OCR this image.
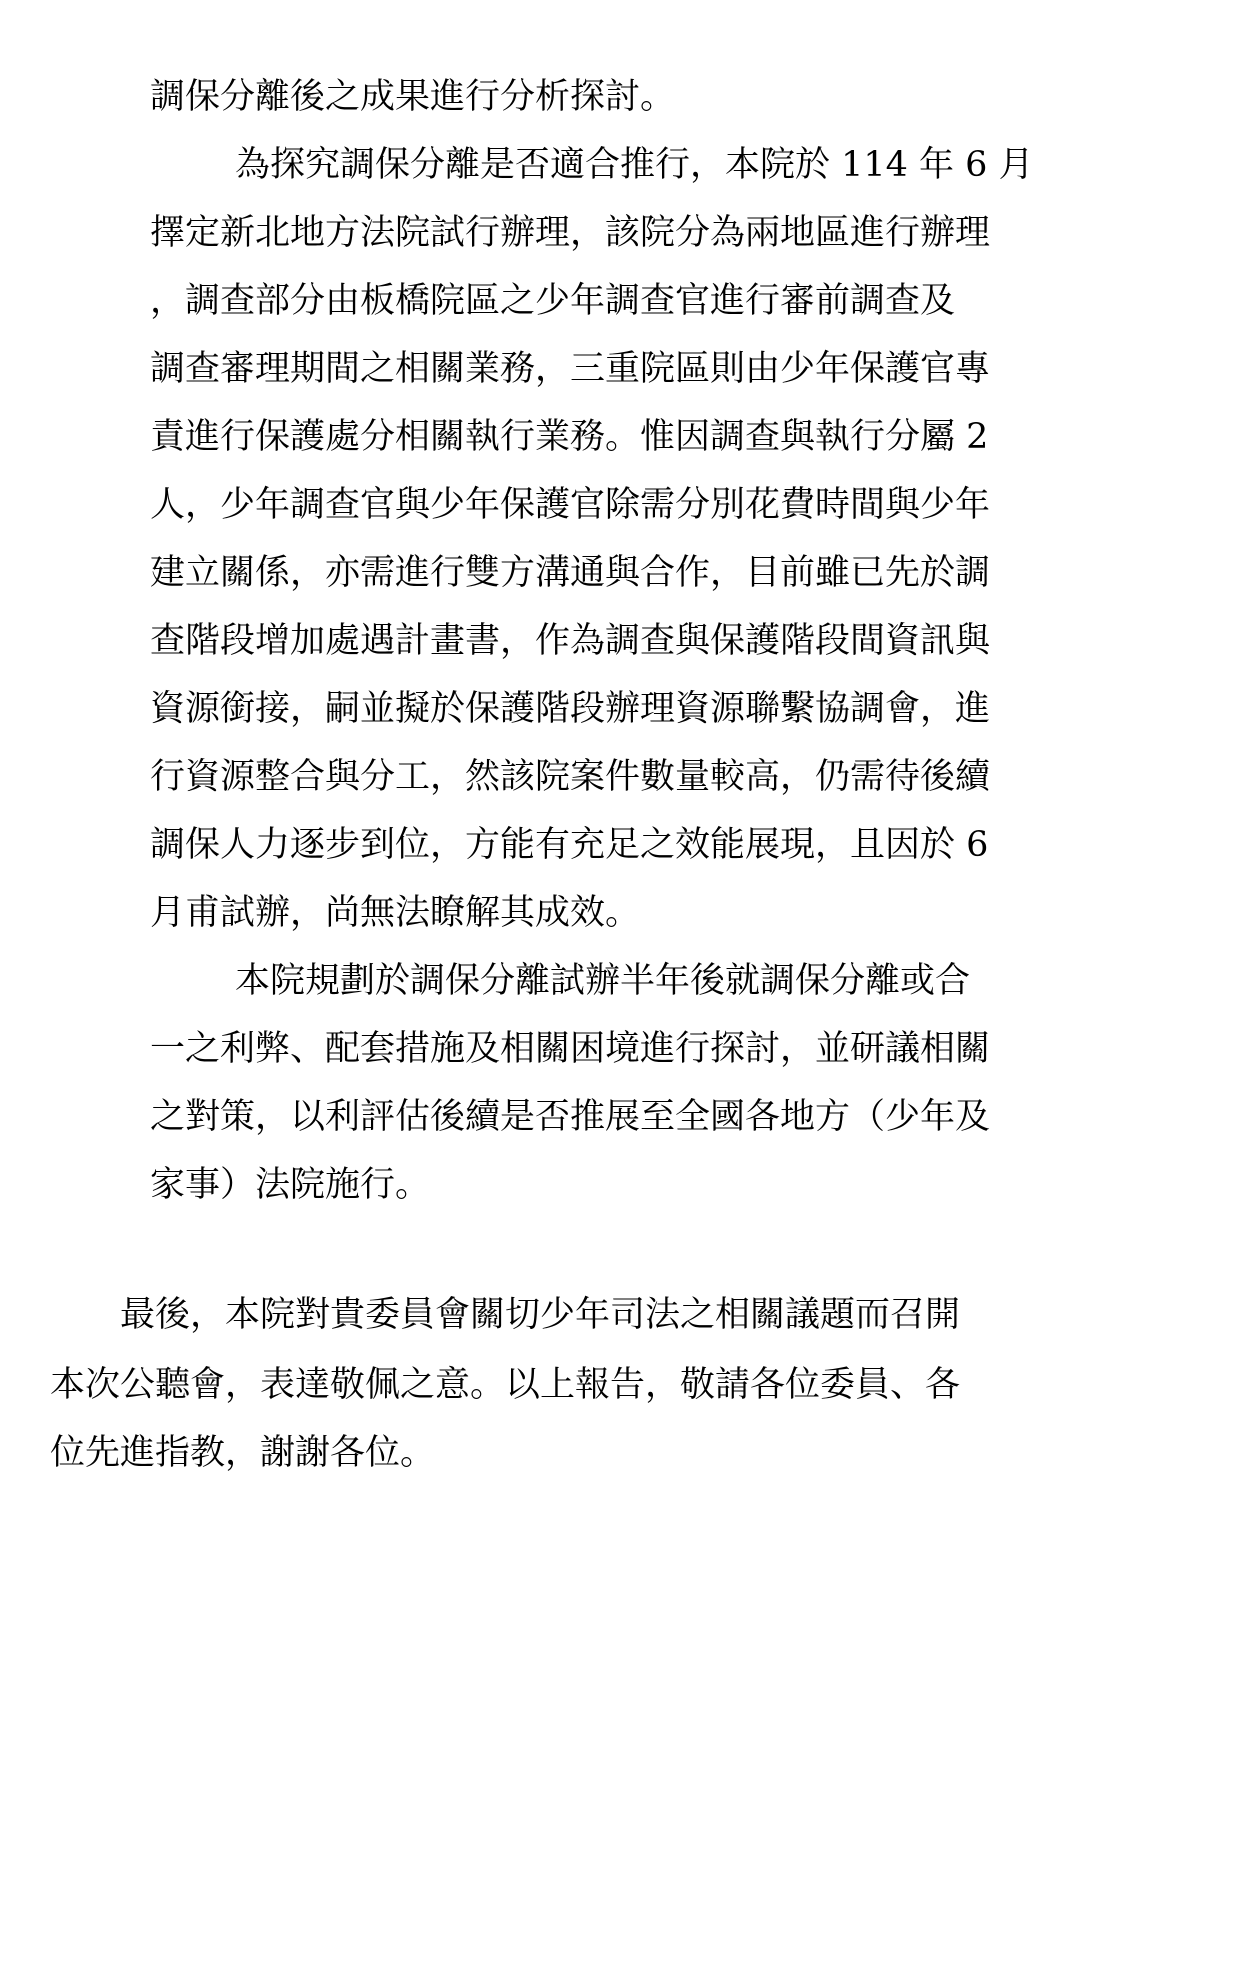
調保分離後之成果進行分析探討。

為探究調保分離是否適合推行，本院於 114 年 6 月

擇定新北地方法院試行辦理，該院分為兩地區進行辦理

，調查部分由板橋院區之少年調查官進行審前調查及

調查審理期間之相關業務，三重院區則由少年保護官專

責進行保護處分相關執行業務。惟因調查與執行分屬 2

人，少年調查官與少年保護官除需分別花費時間與少年

建立關係，亦需進行雙方溝通與合作，目前雖已先於調

查階段增加處遇計畫書，作為調查與保護階段間資訊與

資源銜接，嗣並擬於保護階段辦理資源聯繫協調會，進

行資源整合與分工，然該院案件數量較高，仍需待後續

調保人力逐步到位，方能有充足之效能展現，且因於 6

月甫試辦，尚無法瞭解其成效。

本院規劃於調保分離試辦半年後就調保分離或合

一之利弊、配套措施及相關困境進行探討，並研議相關

之對策，以利評估後續是否推展至全國各地方（少年及

家事）法院施行。

最後，本院對貴委員會關切少年司法之相關議題而召開

本次公聽會，表達敬佩之意。以上報告，敬請各位委員、各

位先進指教，謝謝各位。
